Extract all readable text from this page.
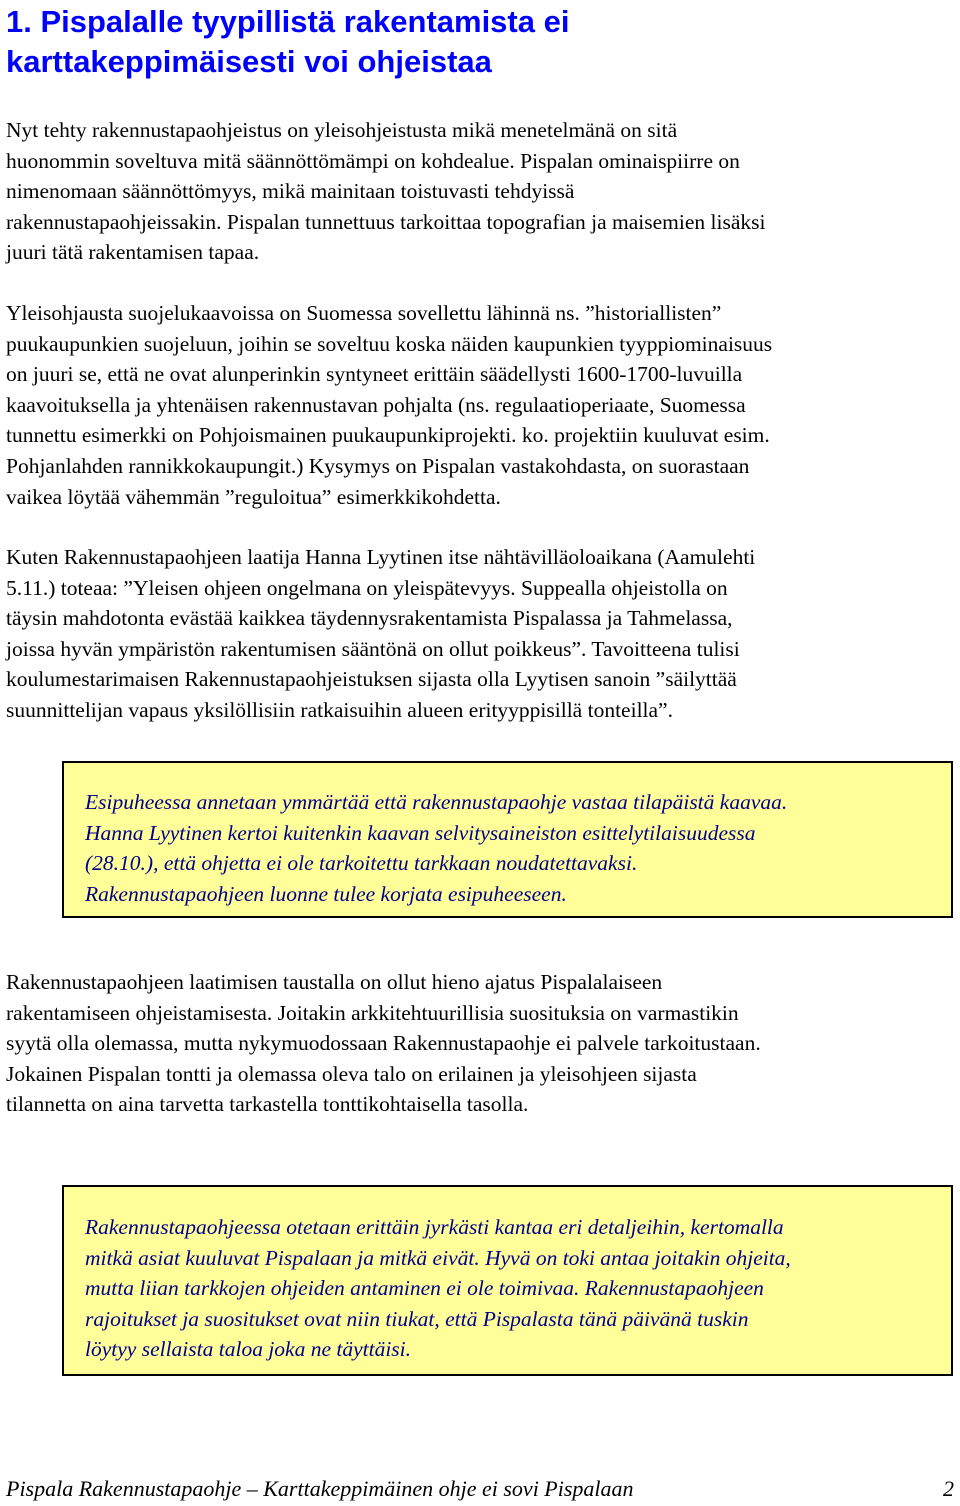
1. Pispalalle tyypillistä rakentamista ei
karttakeppimäisesti voi ohjeistaa
Nyt tehty rakennustapaohjeistus on yleisohjeistusta mikä menetelmänä on sitä
huonommin soveltuva mitä säännöttömämpi on kohdealue. Pispalan ominaispiirre on
nimenomaan säännöttömyys, mikä mainitaan toistuvasti tehdyissä
rakennustapaohjeissakin. Pispalan tunnettuus tarkoittaa topografian ja maisemien lisäksi
juuri tätä rakentamisen tapaa.
Yleisohjausta suojelukaavoissa on Suomessa sovellettu lähinnä ns. ”historiallisten”
puukaupunkien suojeluun, joihin se soveltuu koska näiden kaupunkien tyyppiominaisuus
on juuri se, että ne ovat alunperinkin syntyneet erittäin säädellysti 1600-1700-luvuilla
kaavoituksella ja yhtenäisen rakennustavan pohjalta (ns. regulaatioperiaate, Suomessa
tunnettu esimerkki on Pohjoismainen puukaupunkiprojekti. ko. projektiin kuuluvat esim.
Pohjanlahden rannikkokaupungit.) Kysymys on Pispalan vastakohdasta, on suorastaan
vaikea löytää vähemmän ”reguloitua” esimerkkikohdetta.
Kuten Rakennustapaohjeen laatija Hanna Lyytinen itse nähtävilläoloaikana (Aamulehti
5.11.) toteaa: ”Yleisen ohjeen ongelmana on yleispätevyys. Suppealla ohjeistolla on
täysin mahdotonta evästää kaikkea täydennysrakentamista Pispalassa ja Tahmelassa,
joissa hyvän ympäristön rakentumisen sääntönä on ollut poikkeus”. Tavoitteena tulisi
koulumestarimaisen Rakennustapaohjeistuksen sijasta olla Lyytisen sanoin ”säilyttää
suunnittelijan vapaus yksilöllisiin ratkaisuihin alueen erityyppisillä tonteilla”.
Esipuheessa annetaan ymmärtää että rakennustapaohje vastaa tilapäistä kaavaa.
Hanna Lyytinen kertoi kuitenkin kaavan selvitysaineiston esittelytilaisuudessa
(28.10.), että ohjetta ei ole tarkoitettu tarkkaan noudatettavaksi.
Rakennustapaohjeen luonne tulee korjata esipuheeseen.
Rakennustapaohjeen laatimisen taustalla on ollut hieno ajatus Pispalalaiseen
rakentamiseen ohjeistamisesta. Joitakin arkkitehtuurillisia suosituksia on varmastikin
syytä olla olemassa, mutta nykymuodossaan Rakennustapaohje ei palvele tarkoitustaan.
Jokainen Pispalan tontti ja olemassa oleva talo on erilainen ja yleisohjeen sijasta
tilannetta on aina tarvetta tarkastella tonttikohtaisella tasolla.
Rakennustapaohjeessa otetaan erittäin jyrkästi kantaa eri detaljeihin, kertomalla
mitkä asiat kuuluvat Pispalaan ja mitkä eivät. Hyvä on toki antaa joitakin ohjeita,
mutta liian tarkkojen ohjeiden antaminen ei ole toimivaa. Rakennustapaohjeen
rajoitukset ja suositukset ovat niin tiukat, että Pispalasta tänä päivänä tuskin
löytyy sellaista taloa joka ne täyttäisi.
Pispala Rakennustapaohje – Karttakeppimäinen ohje ei sovi Pispalaan	2
